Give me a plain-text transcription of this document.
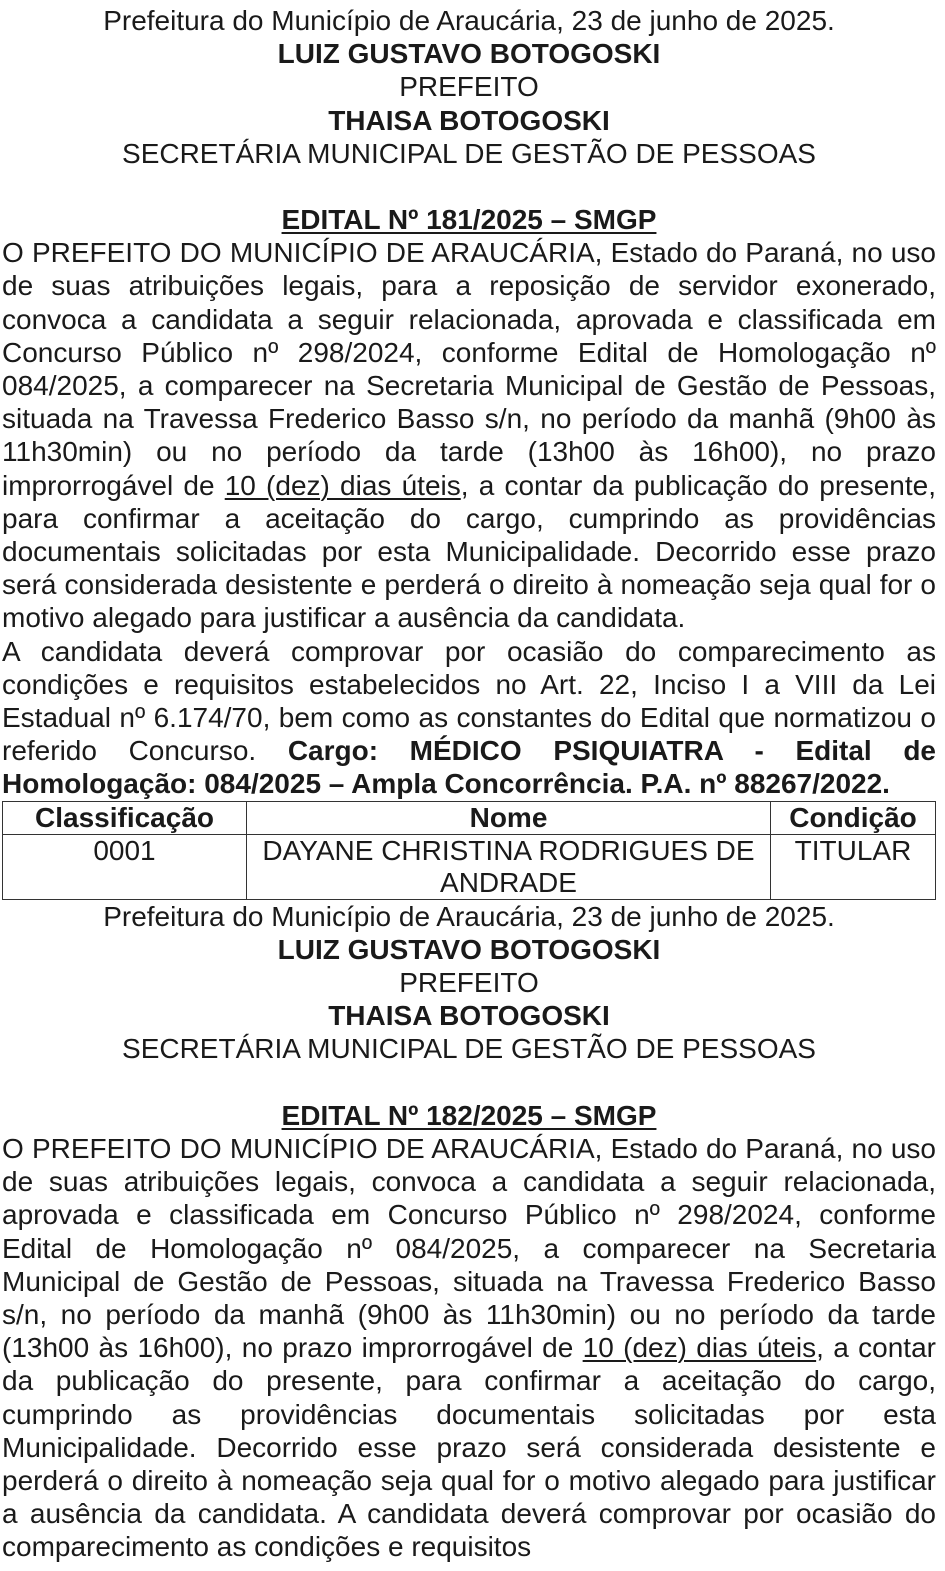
Prefeitura do Município de Araucária, 23 de junho de 2025.
LUIZ GUSTAVO BOTOGOSKI
PREFEITO
THAISA BOTOGOSKI
SECRETÁRIA MUNICIPAL DE GESTÃO DE PESSOAS
EDITAL Nº 181/2025 – SMGP

O PREFEITO DO MUNICÍPIO DE ARAUCÁRIA, Estado do Paraná, no uso de suas atribuições legais, para a reposição de servidor exonerado, convoca a candidata a seguir relacionada, aprovada e classificada em Concurso Público nº 298/2024, conforme Edital de Homologação nº 084/2025, a comparecer na Secretaria Municipal de Gestão de Pessoas, situada na Travessa Frederico Basso s/n, no período da manhã (9h00 às 11h30min) ou no período da tarde (13h00 às 16h00), no prazo improrrogável de 10 (dez) dias úteis, a contar da publicação do presente, para confirmar a aceitação do cargo, cumprindo as providências documentais solicitadas por esta Municipalidade. Decorrido esse prazo será considerada desistente e perderá o direito à nomeação seja qual for o motivo alegado para justificar a ausência da candidata.

A candidata deverá comprovar por ocasião do comparecimento as condições e requisitos estabelecidos no Art. 22, Inciso I a VIII da Lei Estadual nº 6.174/70, bem como as constantes do Edital que normatizou o referido Concurso. Cargo: MÉDICO PSIQUIATRA - Edital de Homologação: 084/2025 – Ampla Concorrência. P.A. nº 88267/2022.

Classificação	Nome	Condição
0001	DAYANE CHRISTINA RODRIGUES DE ANDRADE	TITULAR
Prefeitura do Município de Araucária, 23 de junho de 2025.
LUIZ GUSTAVO BOTOGOSKI
PREFEITO
THAISA BOTOGOSKI
SECRETÁRIA MUNICIPAL DE GESTÃO DE PESSOAS
EDITAL Nº 182/2025 – SMGP

O PREFEITO DO MUNICÍPIO DE ARAUCÁRIA, Estado do Paraná, no uso de suas atribuições legais, convoca a candidata a seguir relacionada, aprovada e classificada em Concurso Público nº 298/2024, conforme Edital de Homologação nº 084/2025, a comparecer na Secretaria Municipal de Gestão de Pessoas, situada na Travessa Frederico Basso s/n, no período da manhã (9h00 às 11h30min) ou no período da tarde (13h00 às 16h00), no prazo improrrogável de 10 (dez) dias úteis, a contar da publicação do presente, para confirmar a aceitação do cargo, cumprindo as providências documentais solicitadas por esta Municipalidade. Decorrido esse prazo será considerada desistente e perderá o direito à nomeação seja qual for o motivo alegado para justificar a ausência da candidata. A candidata deverá comprovar por ocasião do comparecimento as condições e requisitos
